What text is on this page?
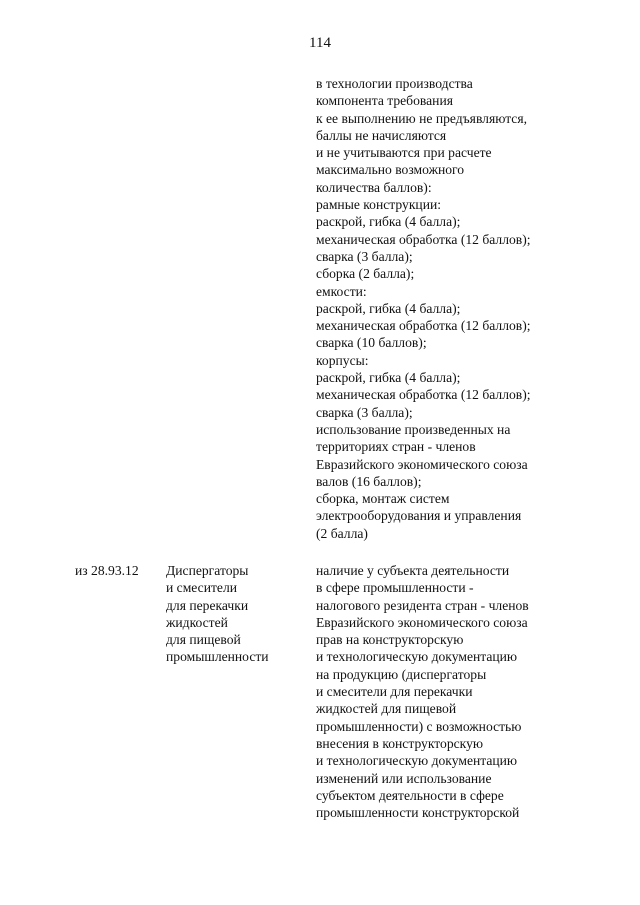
114
в технологии производства
компонента требования
к ее выполнению не предъявляются,
баллы не начисляются
и не учитываются при расчете
максимально возможного
количества баллов):
рамные конструкции:
раскрой, гибка (4 балла);
механическая обработка (12 баллов);
сварка (3 балла);
сборка (2 балла);
емкости:
раскрой, гибка (4 балла);
механическая обработка (12 баллов);
сварка (10 баллов);
корпусы:
раскрой, гибка (4 балла);
механическая обработка (12 баллов);
сварка (3 балла);
использование произведенных на
территориях стран - членов
Евразийского экономического союза
валов (16 баллов);
сборка, монтаж систем
электрооборудования и управления
(2 балла)
из 28.93.12 Диспергаторы
и смесители
для перекачки
жидкостей
для пищевой
промышленности
наличие у субъекта деятельности
в сфере промышленности -
налогового резидента стран - членов
Евразийского экономического союза
прав на конструкторскую
и технологическую документацию
на продукцию (диспергаторы
и смесители для перекачки
жидкостей для пищевой
промышленности) с возможностью
внесения в конструкторскую
и технологическую документацию
изменений или использование
субъектом деятельности в сфере
промышленности конструкторской
